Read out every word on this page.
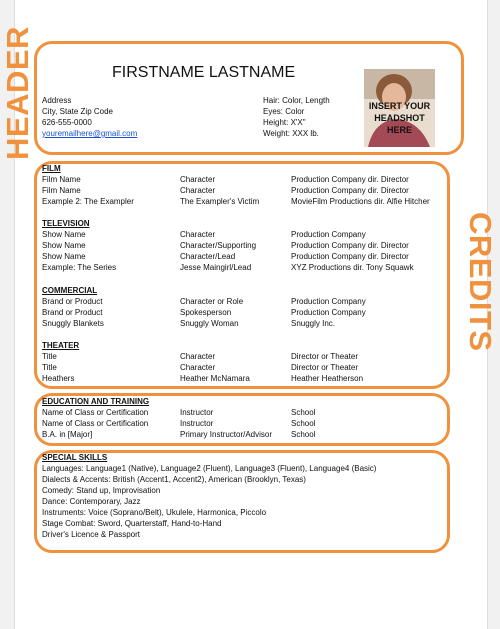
HEADER
CREDITS
FIRSTNAME LASTNAME
Address
City, State Zip Code
626-555-0000
youremailhere@gmail.com
Hair: Color, Length
Eyes: Color
Height: X'X"
Weight: XXX lb.
INSERT YOUR
HEADSHOT
HERE
FILM
Film Name	Character	Production Company dir. Director
Film Name	Character	Production Company dir. Director
Example 2: The Exampler	The Exampler's Victim	MovieFilm Productions dir. Alfie Hitcher
TELEVISION
Show Name	Character	Production Company
Show Name	Character/Supporting	Production Company dir. Director
Show Name	Character/Lead	Production Company dir. Director
Example: The Series	Jesse Maingirl/Lead	XYZ Productions dir. Tony Squawk
COMMERCIAL
Brand or Product	Character or Role	Production Company
Brand or Product	Spokesperson	Production Company
Snuggly Blankets	Snuggly Woman	Snuggly Inc.
THEATER
Title	Character	Director or Theater
Title	Character	Director or Theater
Heathers	Heather McNamara	Heather Heatherson
EDUCATION AND TRAINING
Name of Class or Certification	Instructor	School
Name of Class or Certification	Instructor	School
B.A. in [Major]	Primary Instructor/Advisor School
SPECIAL SKILLS
Languages: Language1 (Native), Language2 (Fluent), Language3 (Fluent), Language4 (Basic)
Dialects & Accents: British (Accent1, Accent2), American (Brooklyn, Texas)
Comedy: Stand up, Improvisation
Dance: Contemporary, Jazz
Instruments: Voice (Soprano/Belt), Ukulele, Harmonica, Piccolo
Stage Combat: Sword, Quarterstaff, Hand-to-Hand
Driver's Licence & Passport
